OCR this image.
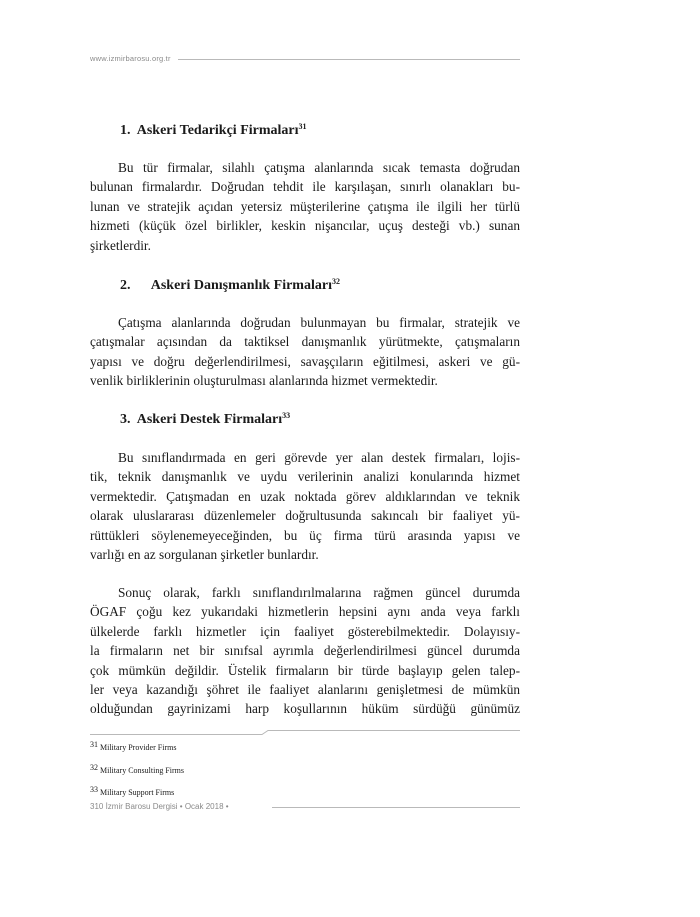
www.izmirbarosu.org.tr
1. Askeri Tedarikçi Firmaları$^{31}$
Bu tür firmalar, silahlı çatışma alanlarında sıcak temasta doğrudan
bulunan firmalardır. Doğrudan tehdit ile karşılaşan, sınırlı olanakları bu-
lunan ve stratejik açıdan yetersiz müşterilerine çatışma ile ilgili her türlü
hizmeti (küçük özel birlikler, keskin nişancılar, uçuş desteği vb.) sunan
şirketlerdir.
2. Askeri Danışmanlık Firmaları$^{32}$
Çatışma alanlarında doğrudan bulunmayan bu firmalar, stratejik ve
çatışmalar açısından da taktiksel danışmanlık yürütmekte, çatışmaların
yapısı ve doğru değerlendirilmesi, savaşçıların eğitilmesi, askeri ve gü-
venlik birliklerinin oluşturulması alanlarında hizmet vermektedir.
3. Askeri Destek Firmaları$^{33}$
Bu sınıflandırmada en geri görevde yer alan destek firmaları, lojis-
tik, teknik danışmanlık ve uydu verilerinin analizi konularında hizmet
vermektedir. Çatışmadan en uzak noktada görev aldıklarından ve teknik
olarak uluslararası düzenlemeler doğrultusunda sakıncalı bir faaliyet yü-
rüttükleri söylenemeyeceğinden, bu üç firma türü arasında yapısı ve
varlığı en az sorgulanan şirketler bunlardır.
Sonuç olarak, farklı sınıflandırılmalarına rağmen güncel durumda
ÖGAF çoğu kez yukarıdaki hizmetlerin hepsini aynı anda veya farklı
ülkelerde farklı hizmetler için faaliyet gösterebilmektedir. Dolayısıy-
la firmaların net bir sınıfsal ayrımla değerlendirilmesi güncel durumda
çok mümkün değildir. Üstelik firmaların bir türde başlayıp gelen talep-
ler veya kazandığı şöhret ile faaliyet alanlarını genişletmesi de mümkün
olduğundan gayrinizami harp koşullarının hüküm sürdüğü günümüz
$^{31}$ Military Provider Firms
$^{32}$ Military Consulting Firms
$^{33}$ Military Support Firms
310 İzmir Barosu Dergisi • Ocak 2018 •
